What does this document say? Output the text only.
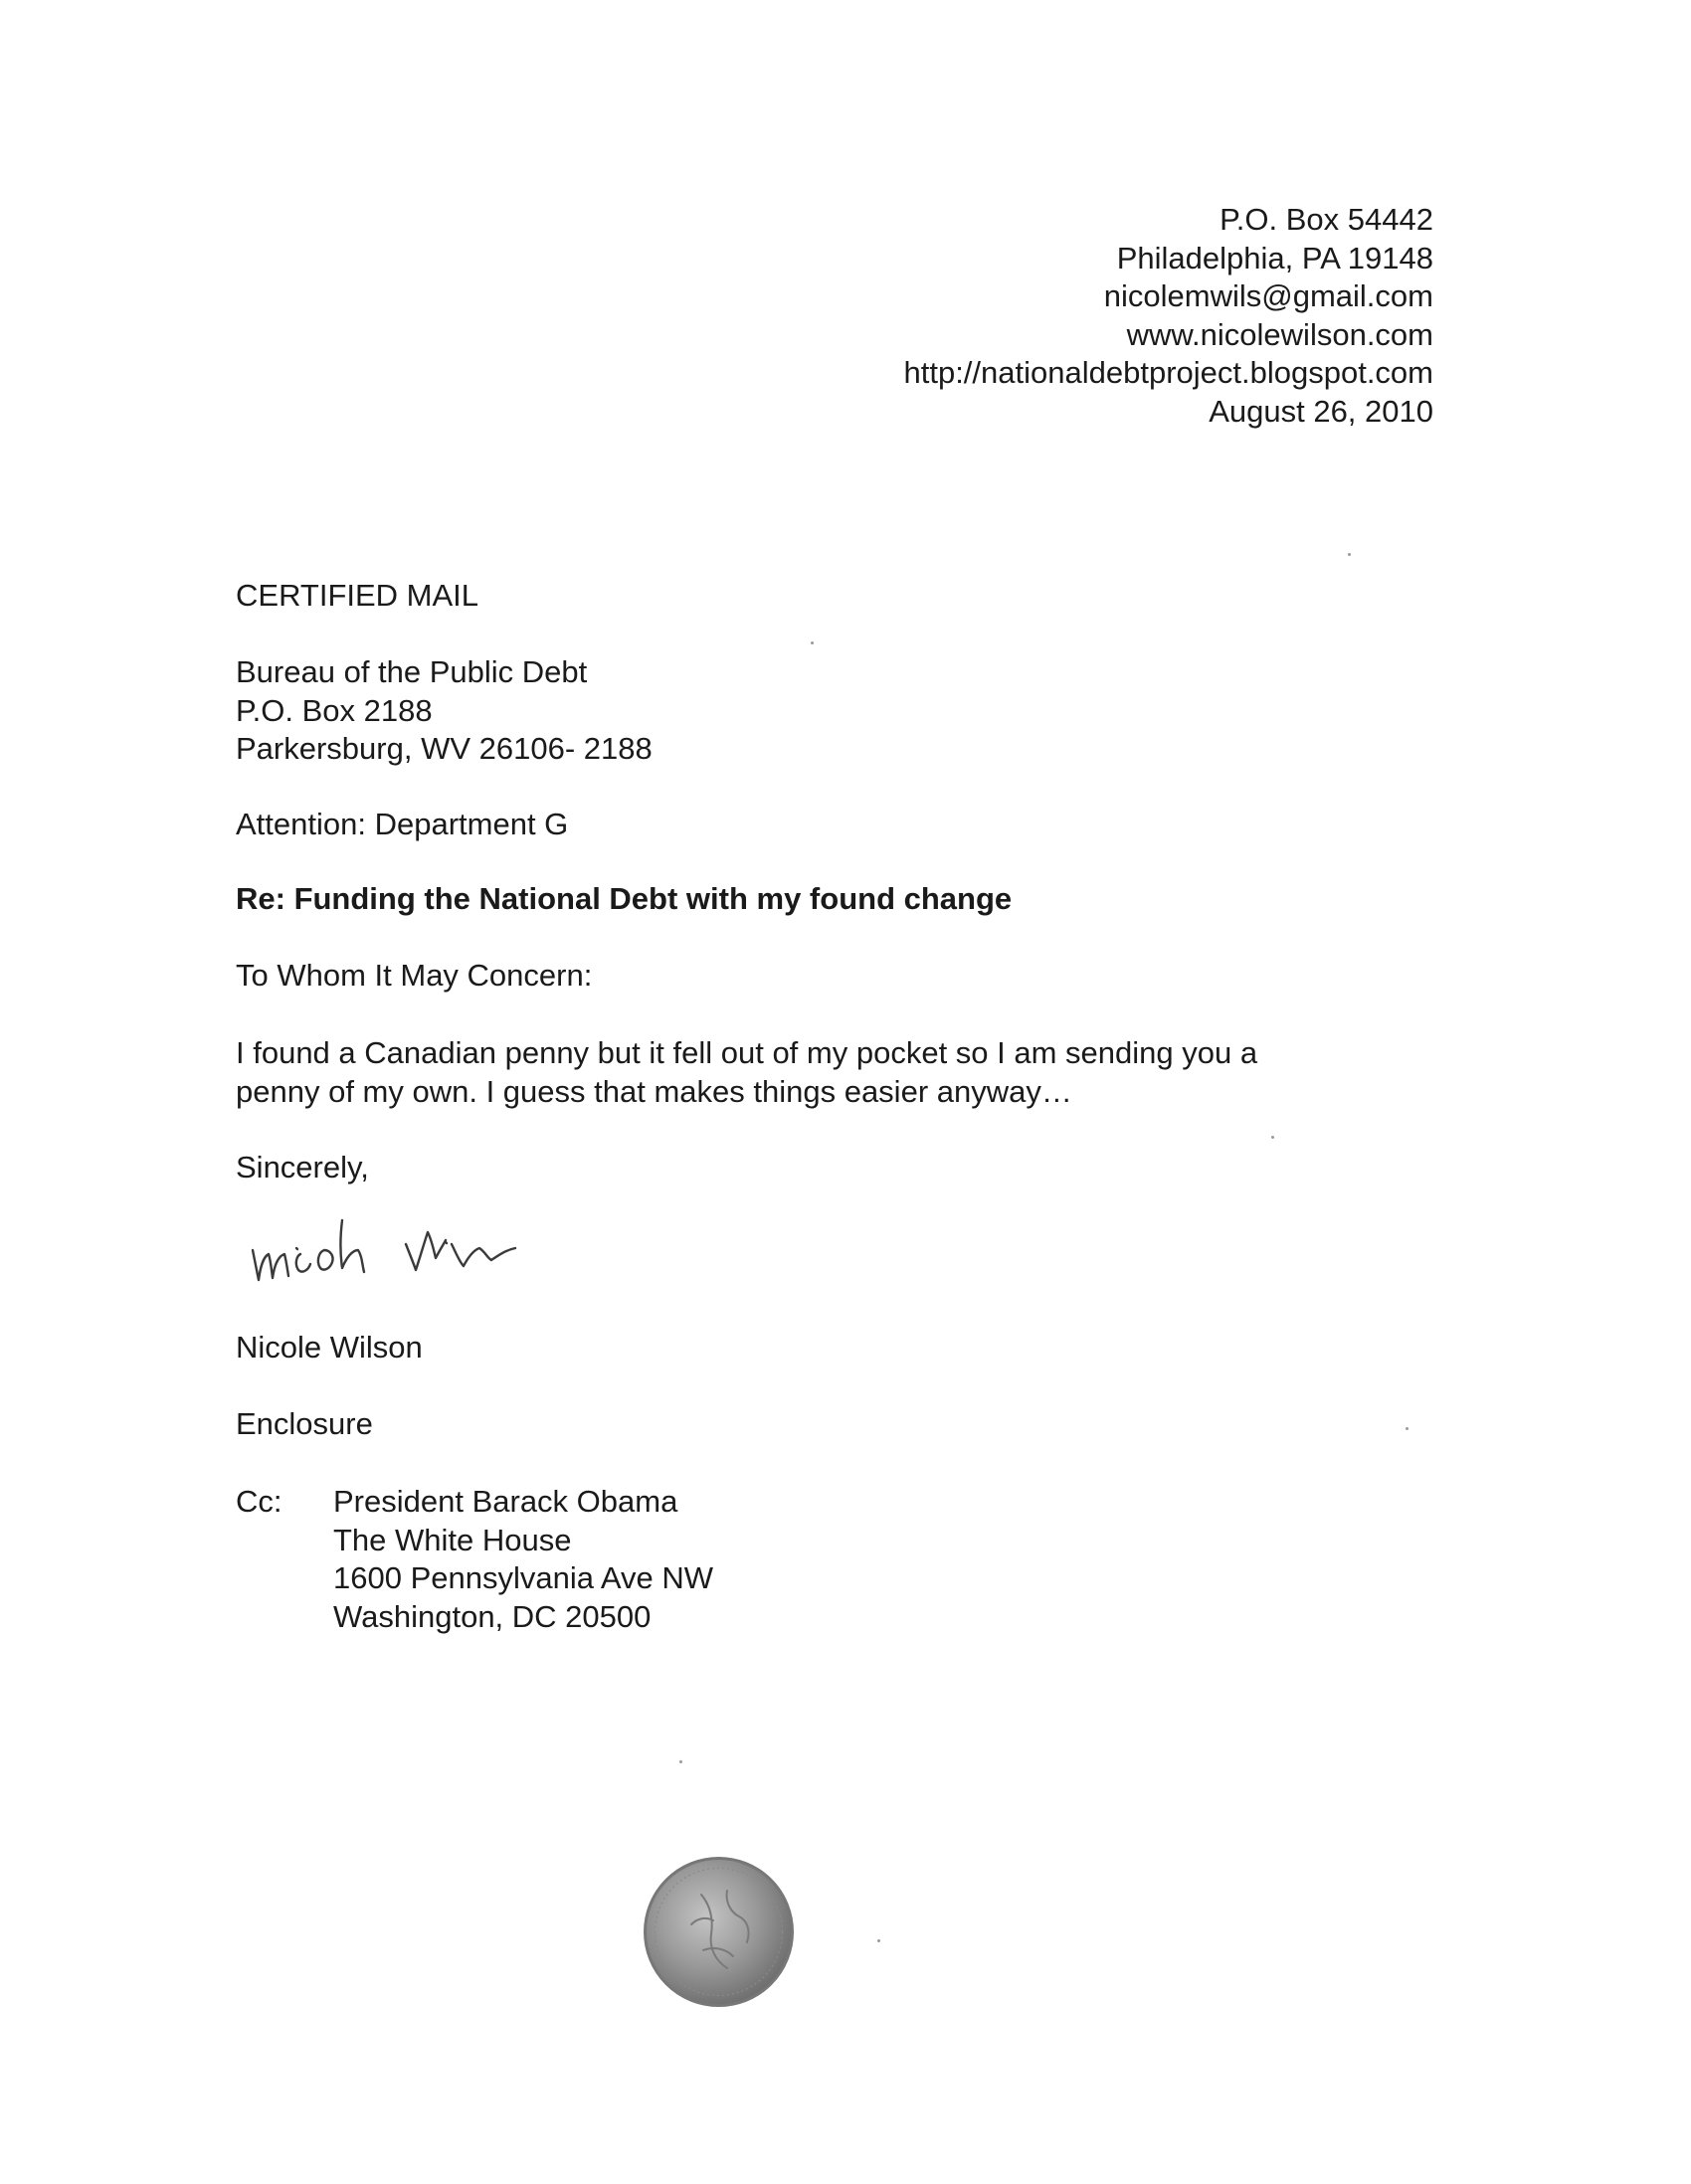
P.O. Box 54442
Philadelphia, PA 19148
nicolemwils@gmail.com
www.nicolewilson.com
http://nationaldebtproject.blogspot.com
August 26, 2010
CERTIFIED MAIL
Bureau of the Public Debt
P.O. Box 2188
Parkersburg, WV 26106- 2188
Attention: Department G
Re: Funding the National Debt with my found change
To Whom It May Concern:
I found a Canadian penny but it fell out of my pocket so I am sending you a
penny of my own. I guess that makes things easier anyway…
Sincerely,
Nicole Wilson
Enclosure
Cc: President Barack Obama
The White House
1600 Pennsylvania Ave NW
Washington, DC 20500
